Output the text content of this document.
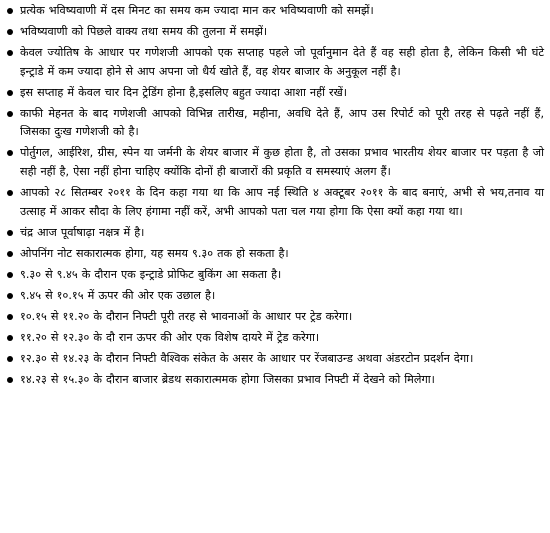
प्रत्येक भविष्यवाणी में दस मिनट का समय कम ज्यादा मान कर भविष्यवाणी को समझें।
भविष्यवाणी को पिछले वाक्य तथा समय की तुलना में समझें।
केवल ज्योतिष के आधार पर गणेशजी आपको एक सप्ताह पहले जो पूर्वानुमान देते हैं वह सही होता है, लेकिन किसी भी घंटे इन्ट्राडे में कम ज्यादा होने से आप अपना जो धैर्य खोते हैं, वह शेयर बाजार के अनुकूल नहीं है।
इस सप्ताह में केवल चार दिन ट्रेडिंग होना है,इसलिए बहुत ज्यादा आशा नहीं रखें।
काफी मेहनत के बाद गणेशजी आपको विभिन्न तारीख, महीना, अवधि देते हैं, आप उस रिपोर्ट को पूरी तरह से पढ़ते नहीं हैं, जिसका दुःख गणेशजी को है।
पोर्तुगल, आईरिश, ग्रीस, स्पेन या जर्मनी के शेयर बाजार में कुछ होता है, तो उसका प्रभाव भारतीय शेयर बाजार पर पड़ता है जो सही नहीं है, ऐसा नहीं होना चाहिए क्योंकि दोनों ही बाजारों की प्रकृति व समस्याएं अलग हैं।
आपको २८ सितम्बर २०११ के दिन कहा गया था कि आप नई स्थिति ४ अक्टूबर २०११ के बाद बनाएं, अभी से भय,तनाव या उत्साह में आकर सौदा के लिए हंगामा नहीं करें, अभी आपको पता चल गया होगा कि ऐसा क्यों कहा गया था।
चंद्र आज पूर्वाषाढ़ा नक्षत्र में है।
ओपनिंग नोट सकारात्मक होगा, यह समय ९.३० तक हो सकता है।
९.३० से ९.४५ के दौरान एक इन्ट्राडे प्रोफिट बुकिंग आ सकता है।
९.४५ से १०.१५ में ऊपर की ओर एक उछाल है।
१०.१५ से ११.२० के दौरान निफ्टी पूरी तरह से भावनाओं के आधार पर ट्रेड करेगा।
११.२० से १२.३० के दौ रान ऊपर की ओर एक विशेष दायरे में ट्रेड करेगा।
१२.३० से १४.२३ के दौरान निफ्टी वैश्विक संकेत के असर के आधार पर रेंजबाउन्ड अथवा अंडरटोन प्रदर्शन देगा।
१४.२३ से १५.३० के दौरान बाजार ब्रेडथ सकारात्ममक होगा जिसका प्रभाव निफ्टी में देखने को मिलेगा।
